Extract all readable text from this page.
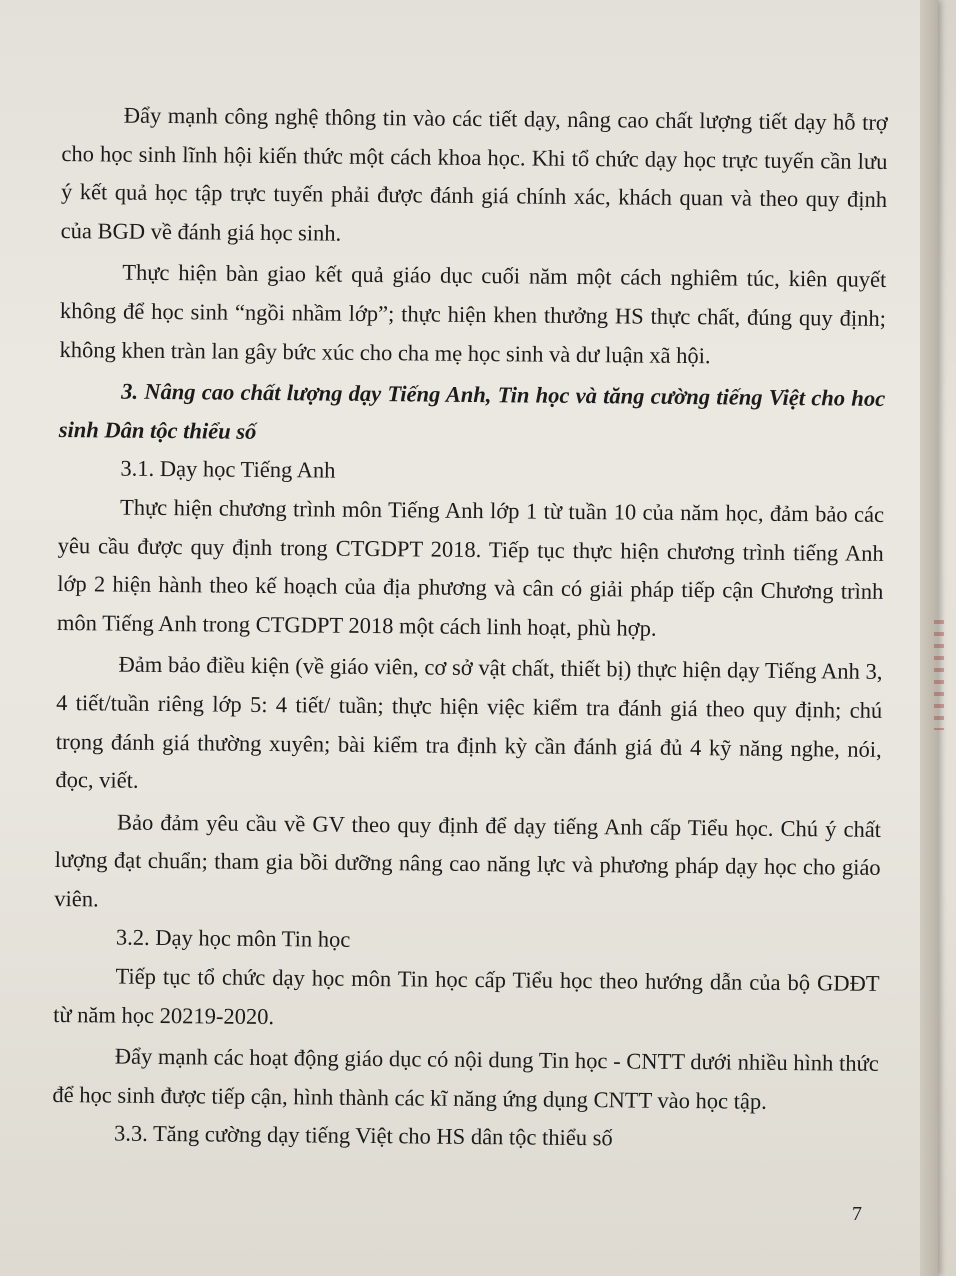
Đẩy mạnh công nghệ thông tin vào các tiết dạy, nâng cao chất lượng tiết dạy hỗ trợ cho học sinh lĩnh hội kiến thức một cách khoa học. Khi tổ chức dạy học trực tuyến cần lưu ý kết quả học tập trực tuyến phải được đánh giá chính xác, khách quan và theo quy định của BGD về đánh giá học sinh.

Thực hiện bàn giao kết quả giáo dục cuối năm một cách nghiêm túc, kiên quyết không để học sinh “ngồi nhầm lớp”; thực hiện khen thưởng HS thực chất, đúng quy định; không khen tràn lan gây bức xúc cho cha mẹ học sinh và dư luận xã hội.

3. Nâng cao chất lượng dạy Tiếng Anh, Tin học và tăng cường tiếng Việt cho hoc sinh Dân tộc thiểu số

3.1. Dạy học Tiếng Anh

Thực hiện chương trình môn Tiếng Anh lớp 1 từ tuần 10 của năm học, đảm bảo các yêu cầu được quy định trong CTGDPT 2018. Tiếp tục thực hiện chương trình tiếng Anh lớp 2 hiện hành theo kế hoạch của địa phương và cân có giải pháp tiếp cận Chương trình môn Tiếng Anh trong CTGDPT 2018 một cách linh hoạt, phù hợp.

Đảm bảo điều kiện (về giáo viên, cơ sở vật chất, thiết bị) thực hiện dạy Tiếng Anh 3, 4 tiết/tuần riêng lớp 5: 4 tiết/ tuần; thực hiện việc kiểm tra đánh giá theo quy định; chú trọng đánh giá thường xuyên; bài kiểm tra định kỳ cần đánh giá đủ 4 kỹ năng nghe, nói, đọc, viết.

Bảo đảm yêu cầu về GV theo quy định để dạy tiếng Anh cấp Tiểu học. Chú ý chất lượng đạt chuẩn; tham gia bồi dưỡng nâng cao năng lực và phương pháp dạy học cho giáo viên.

3.2. Dạy học môn Tin học

Tiếp tục tổ chức dạy học môn Tin học cấp Tiểu học theo hướng dẫn của bộ GDĐT từ năm học 20219-2020.

Đẩy mạnh các hoạt động giáo dục có nội dung Tin học - CNTT dưới nhiều hình thức để học sinh được tiếp cận, hình thành các kĩ năng ứng dụng CNTT vào học tập.

3.3. Tăng cường dạy tiếng Việt cho HS dân tộc thiểu số

7
